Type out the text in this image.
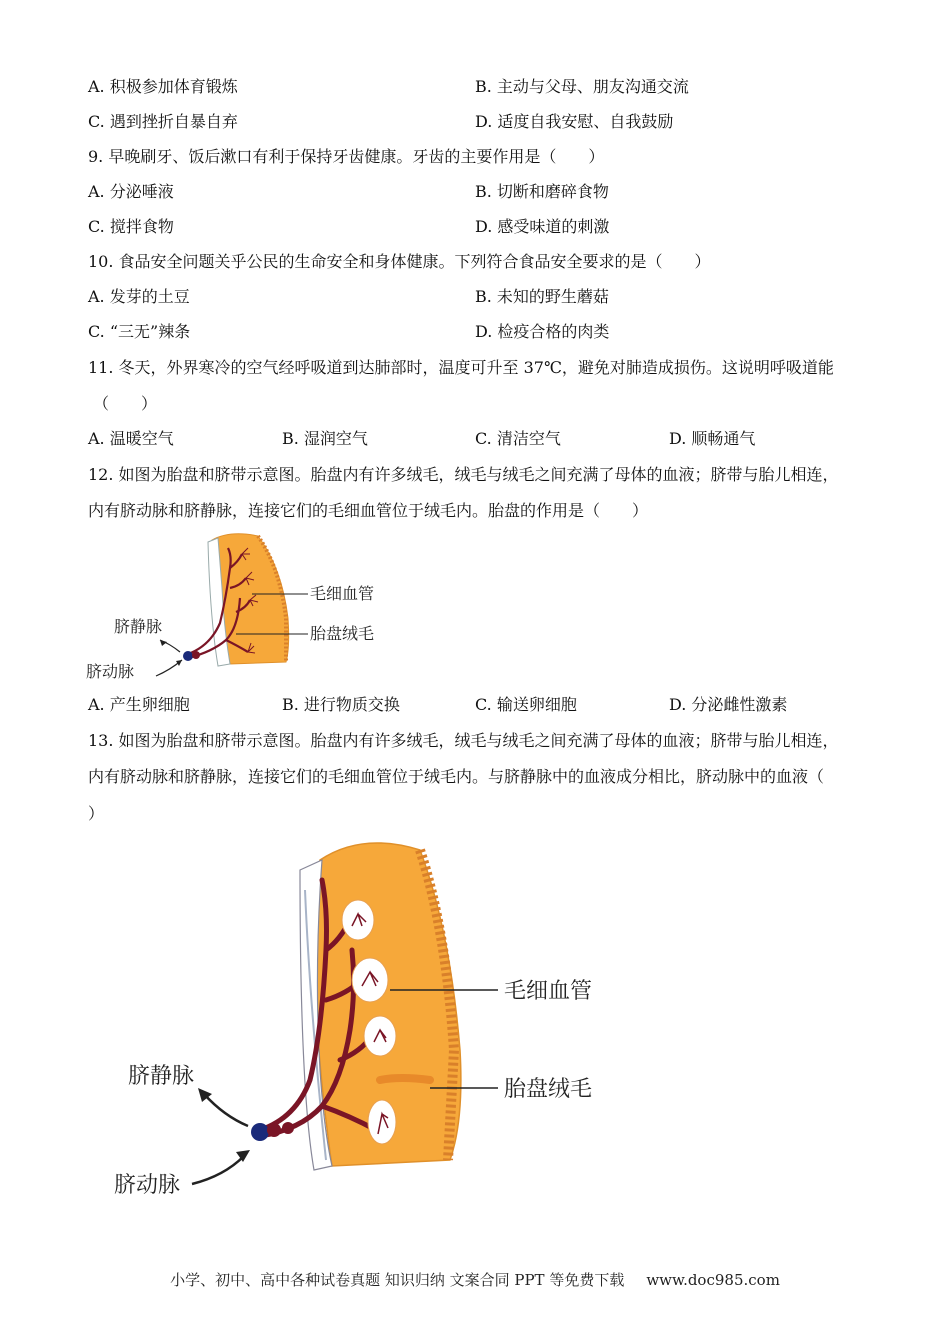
A. 积极参加体育锻炼	B. 主动与父母、朋友沟通交流
C. 遇到挫折自暴自弃	D. 适度自我安慰、自我鼓励
9. 早晚刷牙、饭后漱口有利于保持牙齿健康。牙齿的主要作用是（　　）
A. 分泌唾液	B. 切断和磨碎食物
C. 搅拌食物	D. 感受味道的刺激
10. 食品安全问题关乎公民的生命安全和身体健康。下列符合食品安全要求的是（　　）
A. 发芽的土豆	B. 未知的野生蘑菇
C. “三无”辣条	D. 检疫合格的肉类
11. 冬天，外界寒冷的空气经呼吸道到达肺部时，温度可升至 37℃，避免对肺造成损伤。这说明呼吸道能
（　　）
A. 温暖空气	B. 湿润空气	C. 清洁空气	D. 顺畅通气
12. 如图为胎盘和脐带示意图。胎盘内有许多绒毛，绒毛与绒毛之间充满了母体的血液；脐带与胎儿相连，
内有脐动脉和脐静脉，连接它们的毛细血管位于绒毛内。胎盘的作用是（　　）
毛细血管
胎盘绒毛
脐静脉
脐动脉
A. 产生卵细胞	B. 进行物质交换	C. 输送卵细胞	D. 分泌雌性激素
13. 如图为胎盘和脐带示意图。胎盘内有许多绒毛，绒毛与绒毛之间充满了母体的血液；脐带与胎儿相连，
内有脐动脉和脐静脉，连接它们的毛细血管位于绒毛内。与脐静脉中的血液成分相比，脐动脉中的血液（
）
毛细血管
胎盘绒毛
脐静脉
脐动脉
小学、初中、高中各种试卷真题 知识归纳 文案合同 PPT 等免费下载 www.doc985.com
